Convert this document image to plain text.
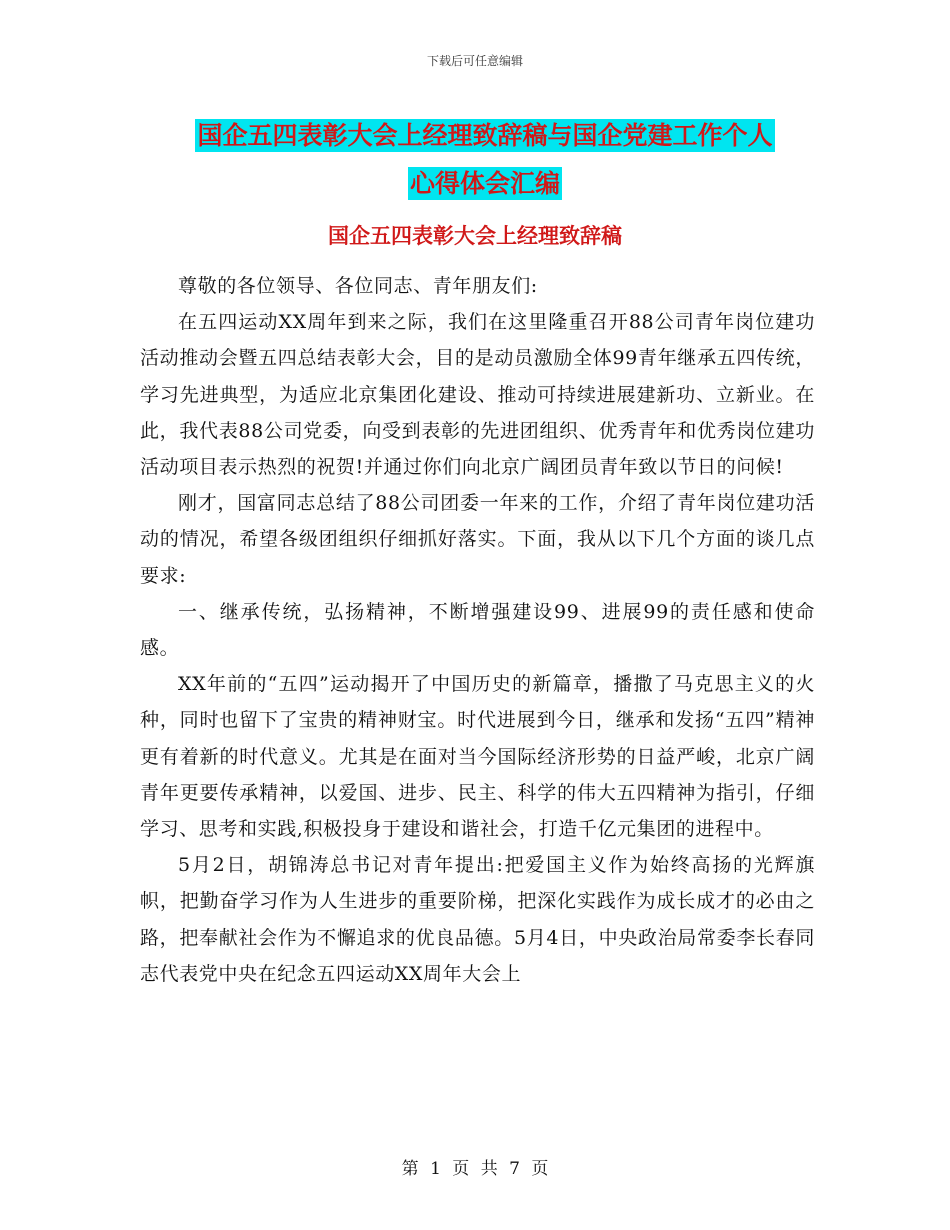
下载后可任意编辑
国企五四表彰大会上经理致辞稿与国企党建工作个人
心得体会汇编
国企五四表彰大会上经理致辞稿

尊敬的各位领导、各位同志、青年朋友们:

在五四运动XX周年到来之际，我们在这里隆重召开88公司青年岗位建功活动推动会暨五四总结表彰大会，目的是动员激励全体99青年继承五四传统，学习先进典型，为适应北京集团化建设、推动可持续进展建新功、立新业。在此，我代表88公司党委，向受到表彰的先进团组织、优秀青年和优秀岗位建功活动项目表示热烈的祝贺!并通过你们向北京广阔团员青年致以节日的问候!

刚才，国富同志总结了88公司团委一年来的工作，介绍了青年岗位建功活动的情况，希望各级团组织仔细抓好落实。下面，我从以下几个方面的谈几点要求:

一、继承传统，弘扬精神，不断增强建设99、进展99的责任感和使命感。

XX年前的“五四”运动揭开了中国历史的新篇章，播撒了马克思主义的火种，同时也留下了宝贵的精神财宝。时代进展到今日，继承和发扬“五四”精神更有着新的时代意义。尤其是在面对当今国际经济形势的日益严峻，北京广阔青年更要传承精神，以爱国、进步、民主、科学的伟大五四精神为指引，仔细学习、思考和实践,积极投身于建设和谐社会，打造千亿元集团的进程中。

5月2日，胡锦涛总书记对青年提出:把爱国主义作为始终高扬的光辉旗帜，把勤奋学习作为人生进步的重要阶梯，把深化实践作为成长成才的必由之路，把奉献社会作为不懈追求的优良品德。5月4日，中央政治局常委李长春同志代表党中央在纪念五四运动XX周年大会上

第 1 页 共 7 页
